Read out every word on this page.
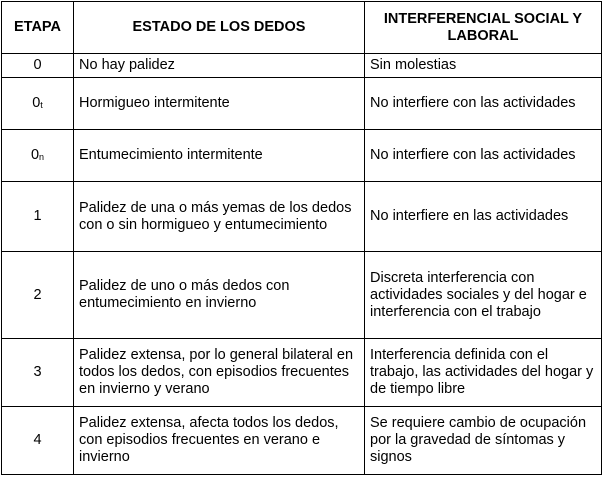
ETAPA	ESTADO DE LOS DEDOS	INTERFERENCIAL SOCIAL Y LABORAL
0	No hay palidez	Sin molestias
$0_t$	Hormigueo intermitente	No interfiere con las actividades
$0_n$	Entumecimiento intermitente	No interfiere con las actividades
1	Palidez de una o más yemas de los dedos con o sin hormigueo y entumecimiento	No interfiere en las actividades
2	Palidez de uno o más dedos con entumecimiento en invierno	Discreta interferencia con actividades sociales y del hogar e interferencia con el trabajo
3	Palidez extensa, por lo general bilateral en todos los dedos, con episodios frecuentes en invierno y verano	Interferencia definida con el trabajo, las actividades del hogar y de tiempo libre
4	Palidez extensa, afecta todos los dedos, con episodios frecuentes en verano e invierno	Se requiere cambio de ocupación por la gravedad de síntomas y signos
